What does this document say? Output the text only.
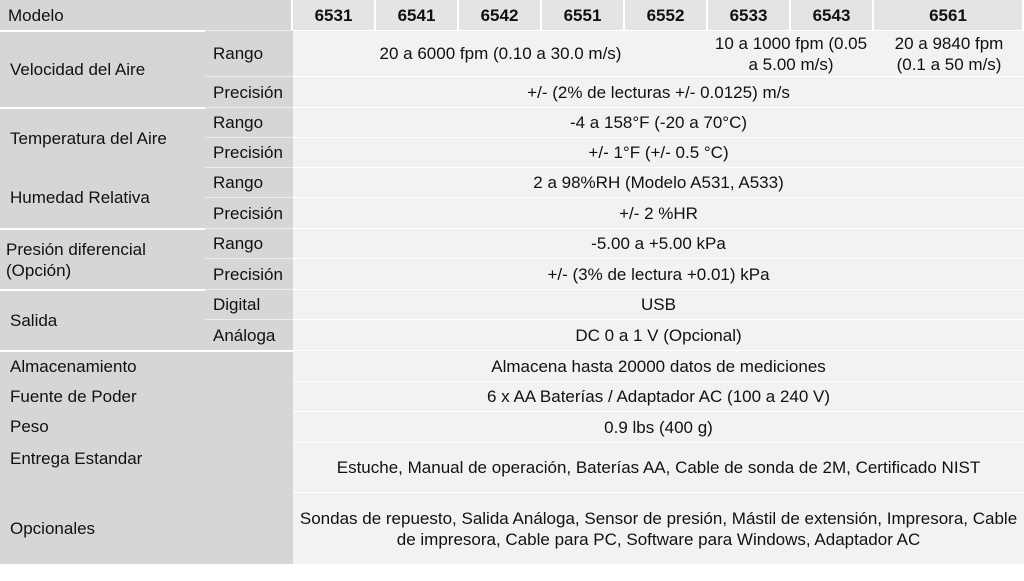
Modelo		6531	6541	6542	6551	6552	6533	6543	6561
Velocidad del Aire	Rango	20 a 6000 fpm (0.10 a 30.0 m/s)					10 a 1000 fpm (0.05 a 5.00 m/s)		20 a 9840 fpm (0.1 a 50 m/s)
	Precisión	+/- (2% de lecturas +/- 0.0125) m/s							
Temperatura del Aire	Rango	-4 a 158°F (-20 a 70°C)							
	Precisión	+/- 1°F (+/- 0.5 °C)							
Humedad Relativa	Rango	2 a 98%RH (Modelo A531, A533)							
	Precisión	+/- 2 %HR							
Presión diferencial (Opción)	Rango	-5.00 a +5.00 kPa							
	Precisión	+/- (3% de lectura +0.01) kPa							
Salida	Digital	USB							
	Análoga	DC 0 a 1 V (Opcional)							
Almacenamiento		Almacena hasta 20000 datos de mediciones							
Fuente de Poder		6 x AA Baterías / Adaptador AC (100 a 240 V)							
Peso		0.9 lbs (400 g)							
Entrega Estandar		Estuche, Manual de operación, Baterías AA, Cable de sonda de 2M, Certificado NIST							
Opcionales		Sondas de repuesto, Salida Análoga, Sensor de presión, Mástil de extensión, Impresora, Cable de impresora, Cable para PC, Software para Windows, Adaptador AC							
